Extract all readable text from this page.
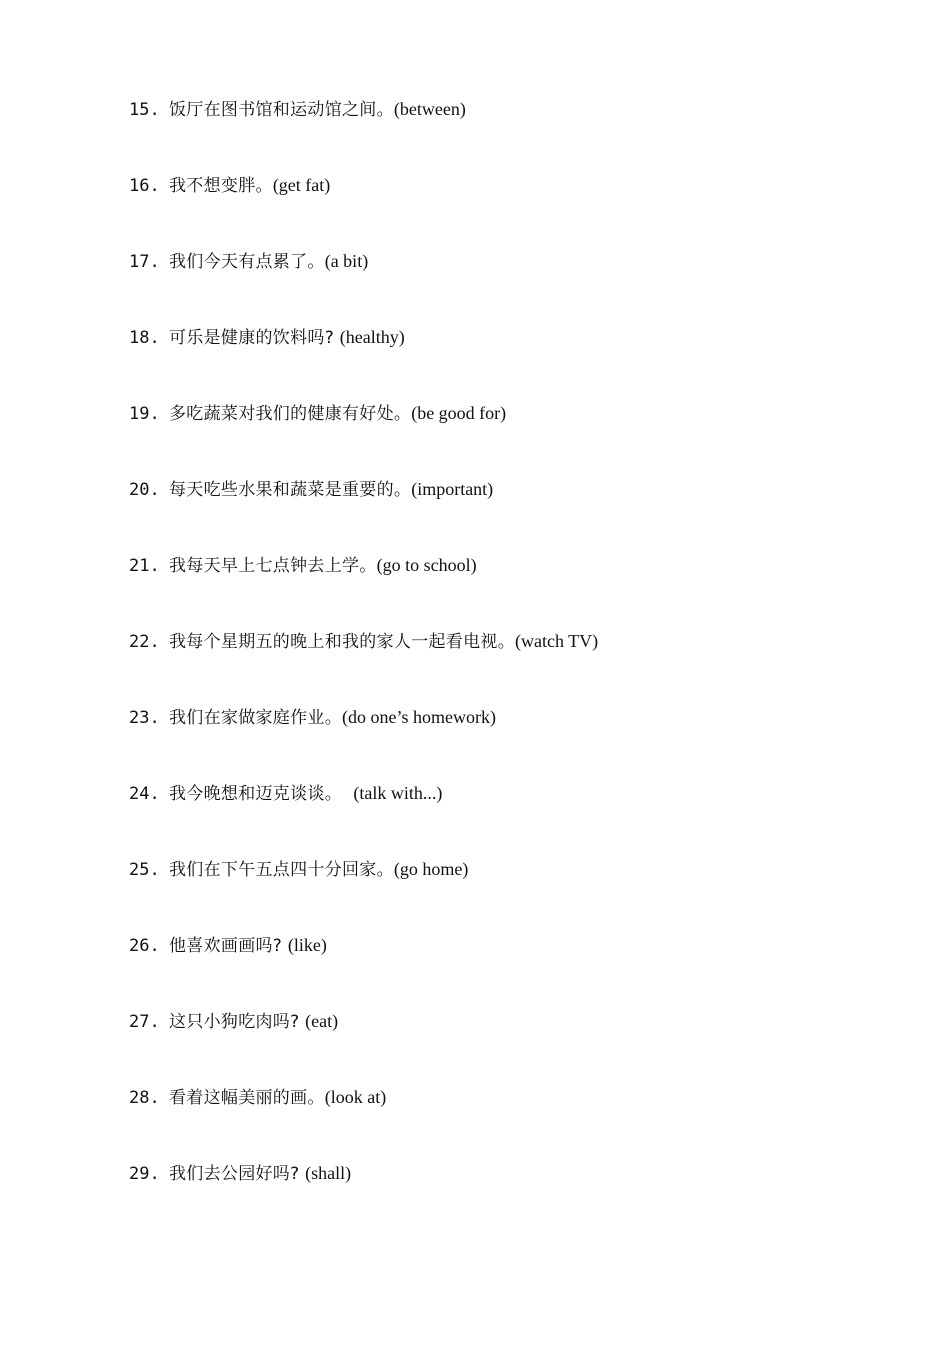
15. 饭厅在图书馆和运动馆之间。(between)
16. 我不想变胖。(get fat)
17. 我们今天有点累了。(a bit)
18. 可乐是健康的饮料吗? (healthy)
19. 多吃蔬菜对我们的健康有好处。(be good for)
20. 每天吃些水果和蔬菜是重要的。(important)
21. 我每天早上七点钟去上学。(go to school)
22. 我每个星期五的晚上和我的家人一起看电视。(watch TV)
23. 我们在家做家庭作业。(do one’s homework)
24. 我今晚想和迈克谈谈。  (talk with...)
25. 我们在下午五点四十分回家。(go home)
26. 他喜欢画画吗? (like)
27. 这只小狗吃肉吗? (eat)
28. 看着这幅美丽的画。(look at)
29. 我们去公园好吗? (shall)
